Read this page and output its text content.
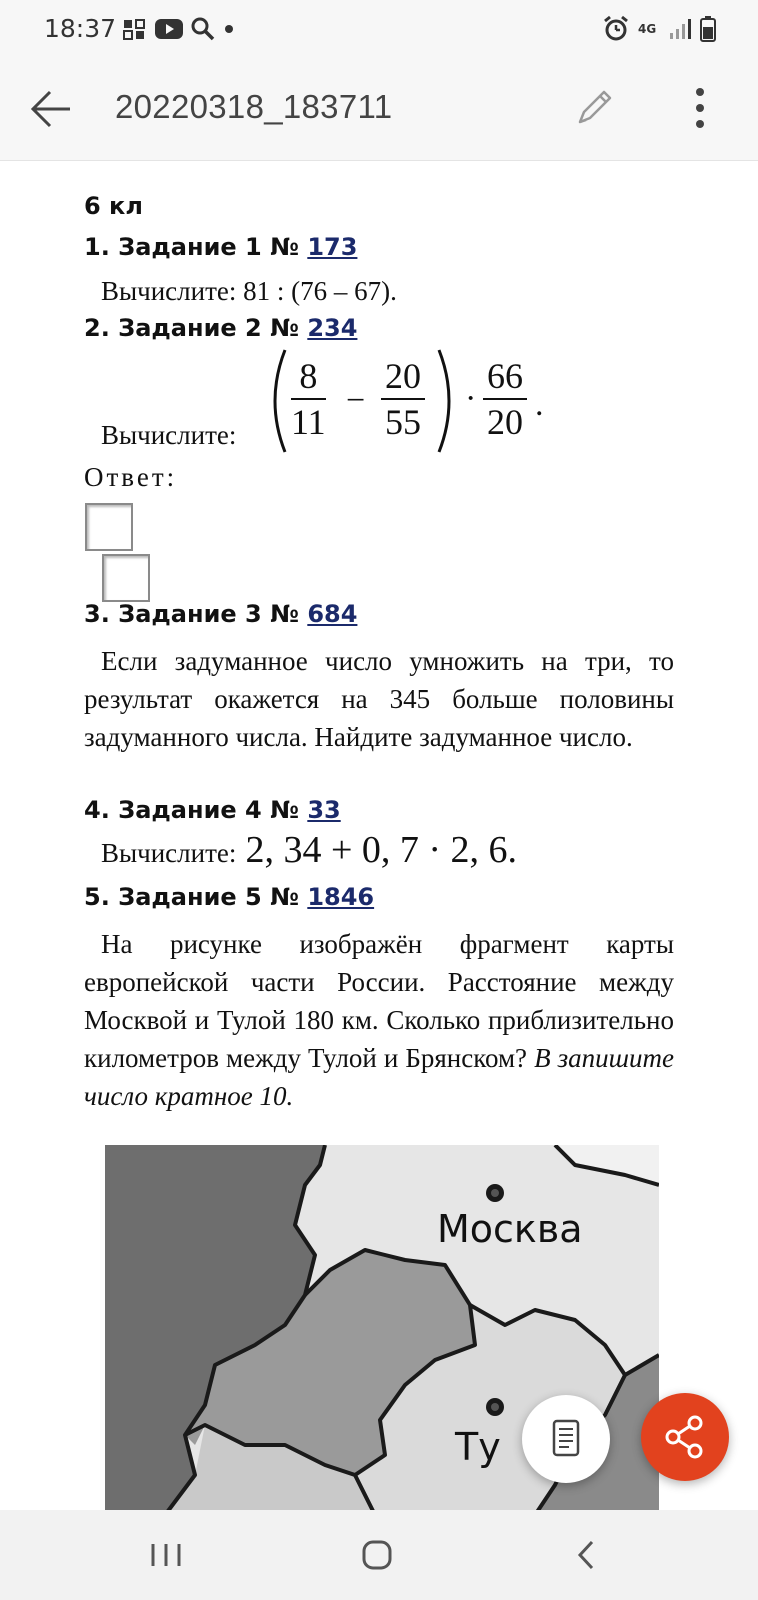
18:37	4G
20220318_183711
6 кл
1. Задание 1 № 173
Вычислите: 81 : (76 – 67).
2. Задание 2 № 234
Вычислите: $\frac{8}{11} - \frac{20}{55} \cdot \frac{66}{20}$ .
Ответ:
3. Задание 3 № 684
Если задуманное число умножить на три, то результат окажется на 345 больше половины задуманного числа. Найдите задуманное число.
4. Задание 4 № 33
Вычислите: 2, 34 + 0, 7 · 2, 6.
5. Задание 5 № 1846
На рисунке изображён фрагмент карты европейской части России. Расстояние между Москвой и Тулой 180 км. Сколько приблизительно километров между Тулой и Брянском? В запишите число кратное 10.
Москва
Ту
